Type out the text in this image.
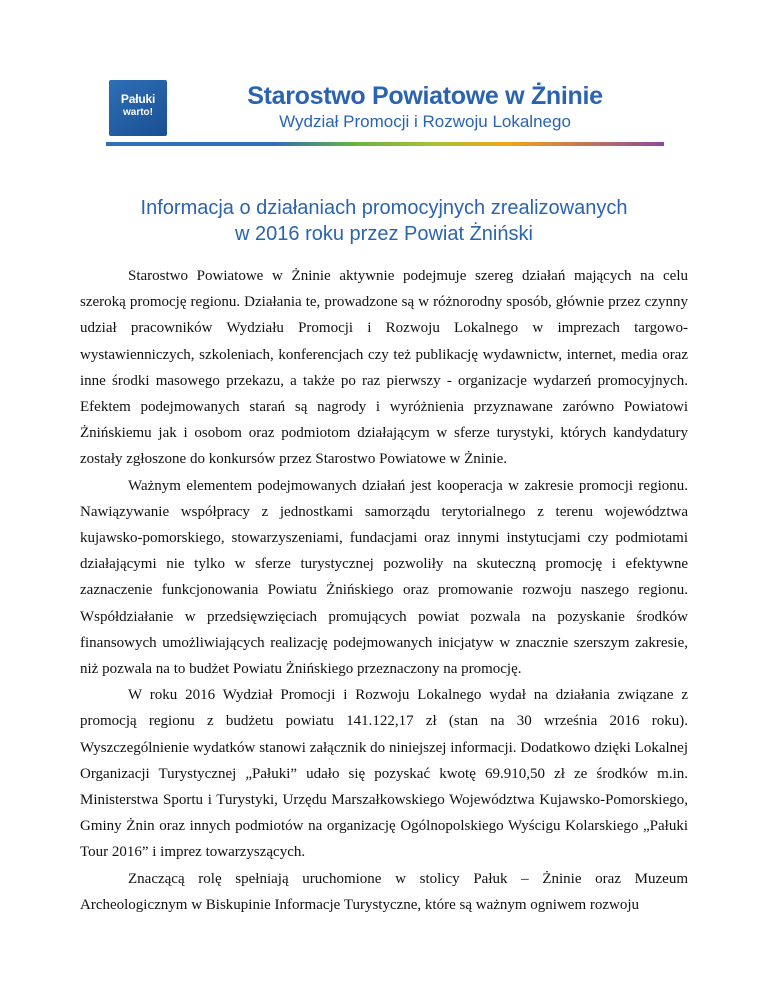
Pałuki
warto!
Starostwo Powiatowe w Żninie
Wydział Promocji i Rozwoju Lokalnego
Informacja o działaniach promocyjnych zrealizowanych
w 2016 roku przez Powiat Żniński

Starostwo Powiatowe w Żninie aktywnie podejmuje szereg działań mających na celu szeroką promocję regionu. Działania te, prowadzone są w różnorodny sposób, głównie przez czynny udział pracowników Wydziału Promocji i Rozwoju Lokalnego w imprezach targowo-wystawienniczych, szkoleniach, konferencjach czy też publikację wydawnictw, internet, media oraz inne środki masowego przekazu, a także po raz pierwszy - organizacje wydarzeń promocyjnych. Efektem podejmowanych starań są nagrody i wyróżnienia przyznawane zarówno Powiatowi Żnińskiemu jak i osobom oraz podmiotom działającym w sferze turystyki, których kandydatury zostały zgłoszone do konkursów przez Starostwo Powiatowe w Żninie.

Ważnym elementem podejmowanych działań jest kooperacja w zakresie promocji regionu. Nawiązywanie współpracy z jednostkami samorządu terytorialnego z terenu województwa kujawsko-pomorskiego, stowarzyszeniami, fundacjami oraz innymi instytucjami czy podmiotami działającymi nie tylko w sferze turystycznej pozwoliły na skuteczną promocję i efektywne zaznaczenie funkcjonowania Powiatu Żnińskiego oraz promowanie rozwoju naszego regionu. Współdziałanie w przedsięwzięciach promujących powiat pozwala na pozyskanie środków finansowych umożliwiających realizację podejmowanych inicjatyw w znacznie szerszym zakresie, niż pozwala na to budżet Powiatu Żnińskiego przeznaczony na promocję.

W roku 2016 Wydział Promocji i Rozwoju Lokalnego wydał na działania związane z promocją regionu z budżetu powiatu 141.122,17 zł (stan na 30 września 2016 roku). Wyszczególnienie wydatków stanowi załącznik do niniejszej informacji. Dodatkowo dzięki Lokalnej Organizacji Turystycznej „Pałuki” udało się pozyskać kwotę 69.910,50 zł ze środków m.in. Ministerstwa Sportu i Turystyki, Urzędu Marszałkowskiego Województwa Kujawsko-Pomorskiego, Gminy Żnin oraz innych podmiotów na organizację Ogólnopolskiego Wyścigu Kolarskiego „Pałuki Tour 2016” i imprez towarzyszących.

Znaczącą rolę spełniają uruchomione w stolicy Pałuk – Żninie oraz Muzeum Archeologicznym w Biskupinie Informacje Turystyczne, które są ważnym ogniwem rozwoju
